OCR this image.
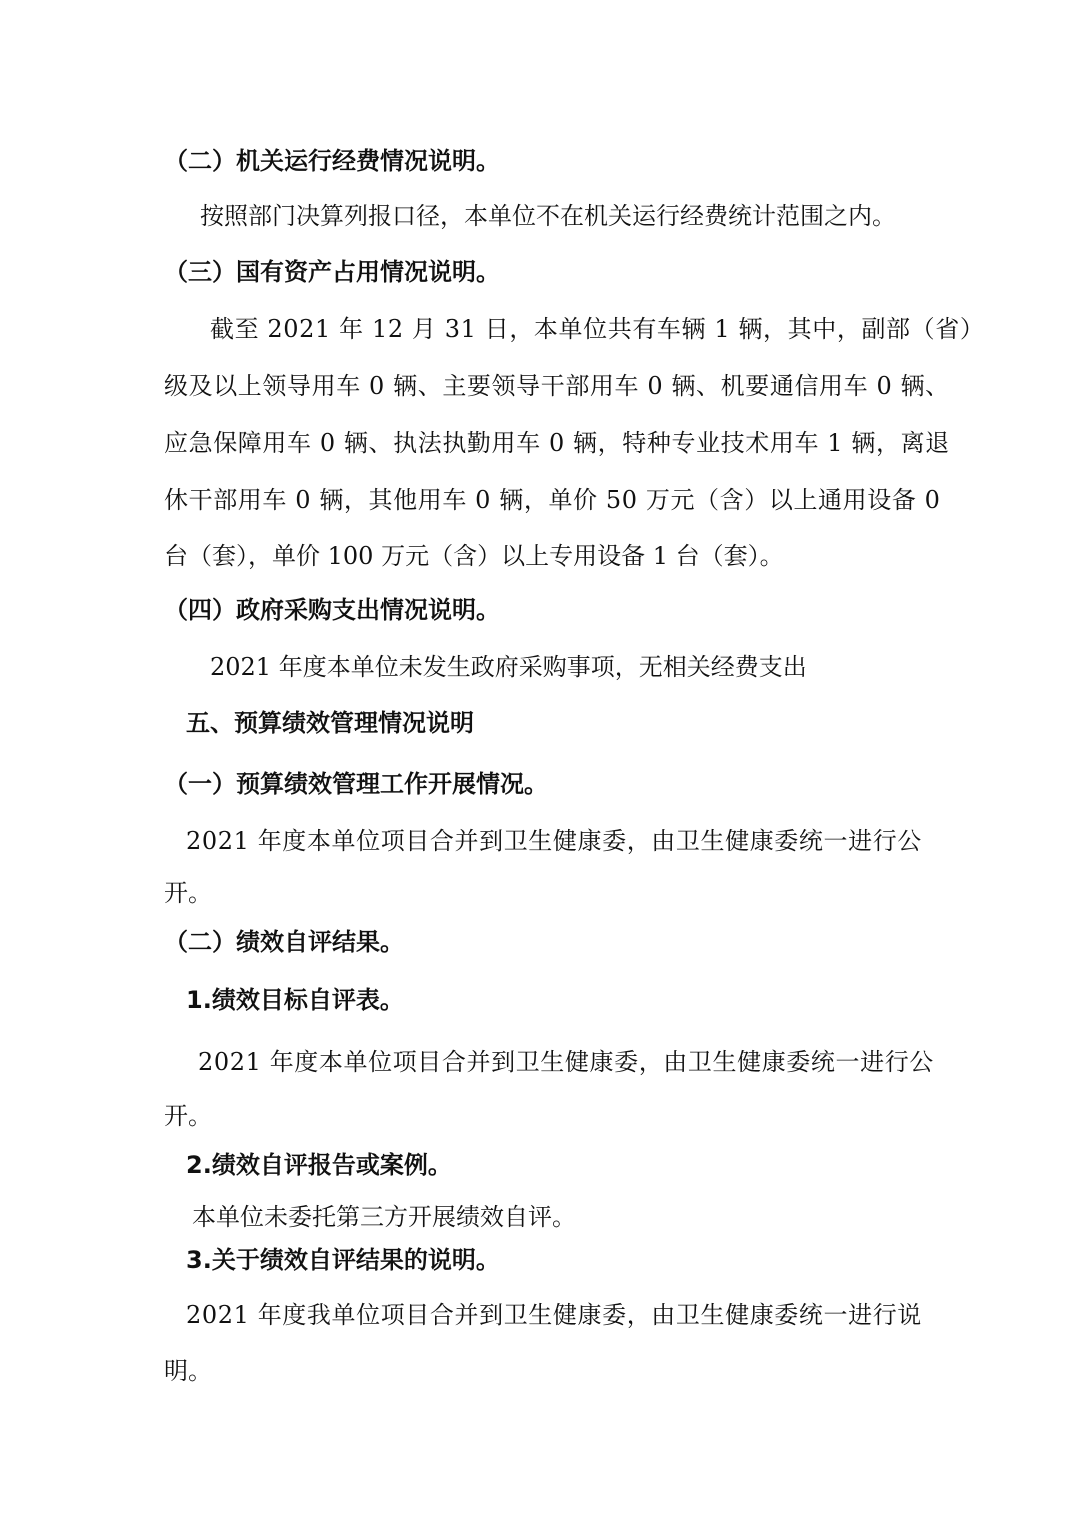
（二）机关运行经费情况说明。
按照部门决算列报口径，本单位不在机关运行经费统计范围之内。
（三）国有资产占用情况说明。
截至 2021 年 12 月 31 日，本单位共有车辆 1 辆，其中，副部（省）
级及以上领导用车 0 辆、主要领导干部用车 0 辆、机要通信用车 0 辆、
应急保障用车 0 辆、执法执勤用车 0 辆，特种专业技术用车 1 辆，离退
休干部用车 0 辆，其他用车 0 辆，单价 50 万元（含）以上通用设备 0
台（套），单价 100 万元（含）以上专用设备 1 台（套）。
（四）政府采购支出情况说明。
2021 年度本单位未发生政府采购事项，无相关经费支出
五、预算绩效管理情况说明
（一）预算绩效管理工作开展情况。
2021 年度本单位项目合并到卫生健康委，由卫生健康委统一进行公
开。
（二）绩效自评结果。
1.绩效目标自评表。
2021 年度本单位项目合并到卫生健康委，由卫生健康委统一进行公
开。
2.绩效自评报告或案例。
本单位未委托第三方开展绩效自评。
3.关于绩效自评结果的说明。
2021 年度我单位项目合并到卫生健康委，由卫生健康委统一进行说
明。
